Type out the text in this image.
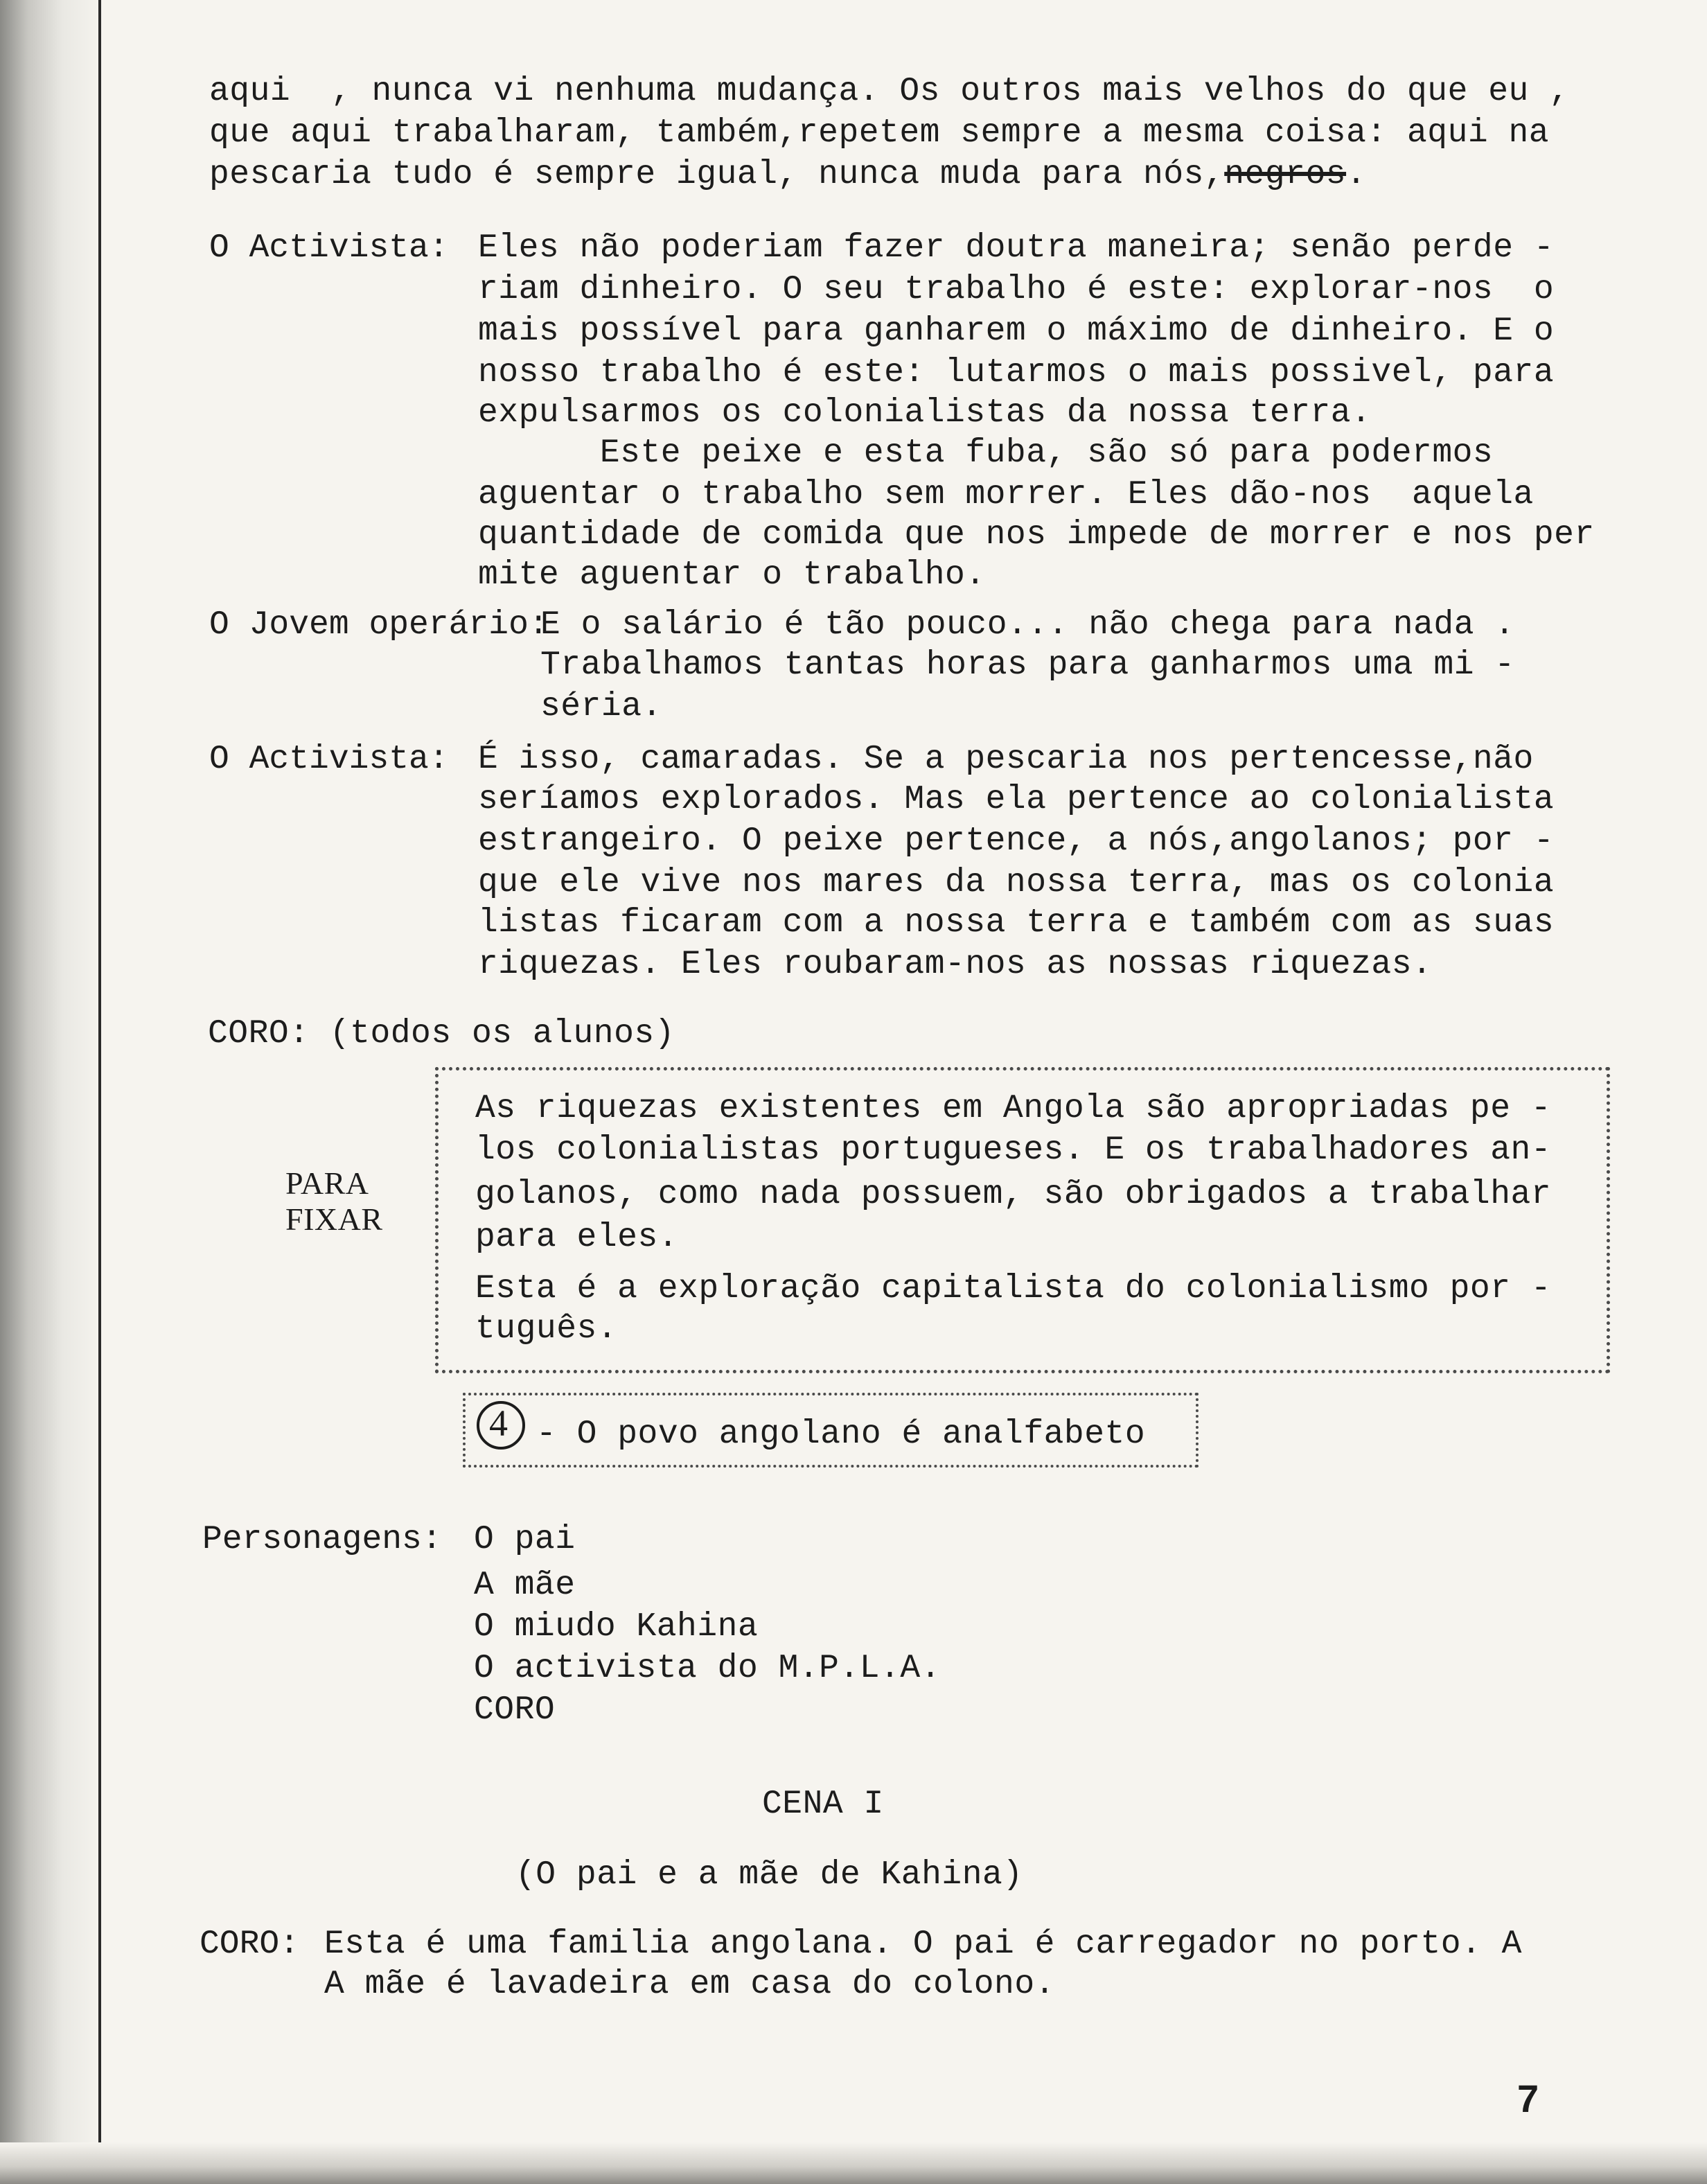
aqui  , nunca vi nenhuma mudança. Os outros mais velhos do que eu ,
que aqui trabalharam, também,repetem sempre a mesma coisa: aqui na
pescaria tudo é sempre igual, nunca muda para nós,negros.
O Activista: Eles não poderiam fazer doutra maneira; senão perde -
riam dinheiro. O seu trabalho é este: explorar-nos  o
mais possível para ganharem o máximo de dinheiro. E o
nosso trabalho é este: lutarmos o mais possivel, para
expulsarmos os colonialistas da nossa terra.
Este peixe e esta fuba, são só para podermos
aguentar o trabalho sem morrer. Eles dão-nos  aquela
quantidade de comida que nos impede de morrer e nos per
mite aguentar o trabalho.
O Jovem operário:
E o salário é tão pouco... não chega para nada .
Trabalhamos tantas horas para ganharmos uma mi -
séria.
O Activista: É isso, camaradas. Se a pescaria nos pertencesse,não
seríamos explorados. Mas ela pertence ao colonialista
estrangeiro. O peixe pertence, a nós,angolanos; por -
que ele vive nos mares da nossa terra, mas os colonia
listas ficaram com a nossa terra e também com as suas
riquezas. Eles roubaram-nos as nossas riquezas.
CORO: (todos os alunos)
PARA
FIXAR
As riquezas existentes em Angola são apropriadas pe -
los colonialistas portugueses. E os trabalhadores an-
golanos, como nada possuem, são obrigados a trabalhar
para eles.
Esta é a exploração capitalista do colonialismo por -
tuguês.
4 - O povo angolano é analfabeto
Personagens: O pai
A mãe
O miudo Kahina
O activista do M.P.L.A.
CORO
CENA I
(O pai e a mãe de Kahina)
CORO: Esta é uma familia angolana. O pai é carregador no porto. A
A mãe é lavadeira em casa do colono.
7
